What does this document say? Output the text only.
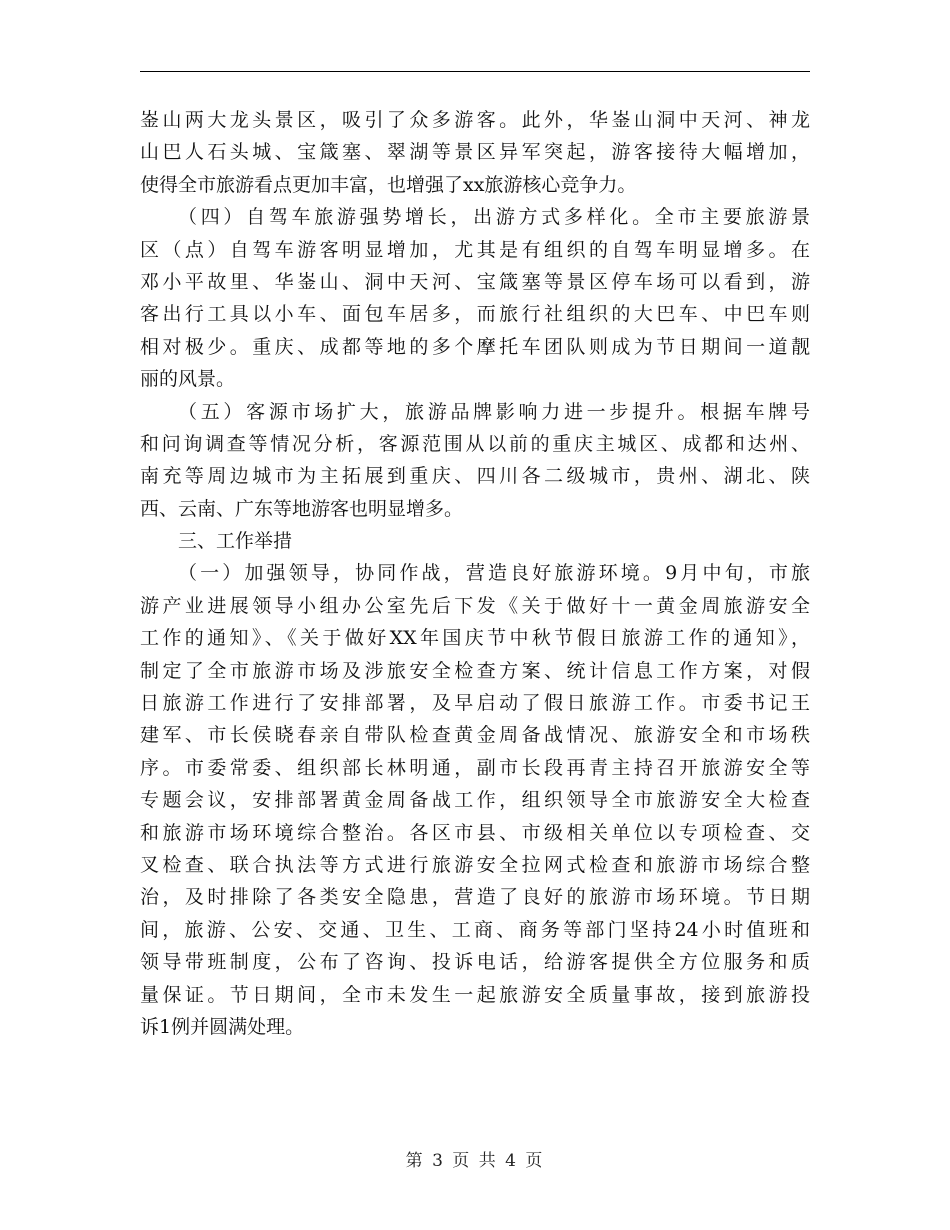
崟山两大龙头景区，吸引了众多游客。此外，华崟山洞中天河、神龙
山巴人石头城、宝箴塞、翠湖等景区异军突起，游客接待大幅增加，
使得全市旅游看点更加丰富，也增强了xx旅游核心竞争力。
（四）自驾车旅游强势增长，出游方式多样化。全市主要旅游景
区（点）自驾车游客明显增加，尤其是有组织的自驾车明显增多。在
邓小平故里、华崟山、洞中天河、宝箴塞等景区停车场可以看到，游
客出行工具以小车、面包车居多，而旅行社组织的大巴车、中巴车则
相对极少。重庆、成都等地的多个摩托车团队则成为节日期间一道靓
丽的风景。
（五）客源市场扩大，旅游品牌影响力进一步提升。根据车牌号
和问询调查等情况分析，客源范围从以前的重庆主城区、成都和达州、
南充等周边城市为主拓展到重庆、四川各二级城市，贵州、湖北、陕
西、云南、广东等地游客也明显增多。
三、工作举措
（一）加强领导，协同作战，营造良好旅游环境。9月中旬，市旅
游产业进展领导小组办公室先后下发《关于做好十一黄金周旅游安全
工作的通知》、《关于做好XX年国庆节中秋节假日旅游工作的通知》，
制定了全市旅游市场及涉旅安全检查方案、统计信息工作方案，对假
日旅游工作进行了安排部署，及早启动了假日旅游工作。市委书记王
建军、市长侯晓春亲自带队检查黄金周备战情况、旅游安全和市场秩
序。市委常委、组织部长林明通，副市长段再青主持召开旅游安全等
专题会议，安排部署黄金周备战工作，组织领导全市旅游安全大检查
和旅游市场环境综合整治。各区市县、市级相关单位以专项检查、交
叉检查、联合执法等方式进行旅游安全拉网式检查和旅游市场综合整
治，及时排除了各类安全隐患，营造了良好的旅游市场环境。节日期
间，旅游、公安、交通、卫生、工商、商务等部门坚持24小时值班和
领导带班制度，公布了咨询、投诉电话，给游客提供全方位服务和质
量保证。节日期间，全市未发生一起旅游安全质量事故，接到旅游投
诉1例并圆满处理。
第 3 页 共 4 页
